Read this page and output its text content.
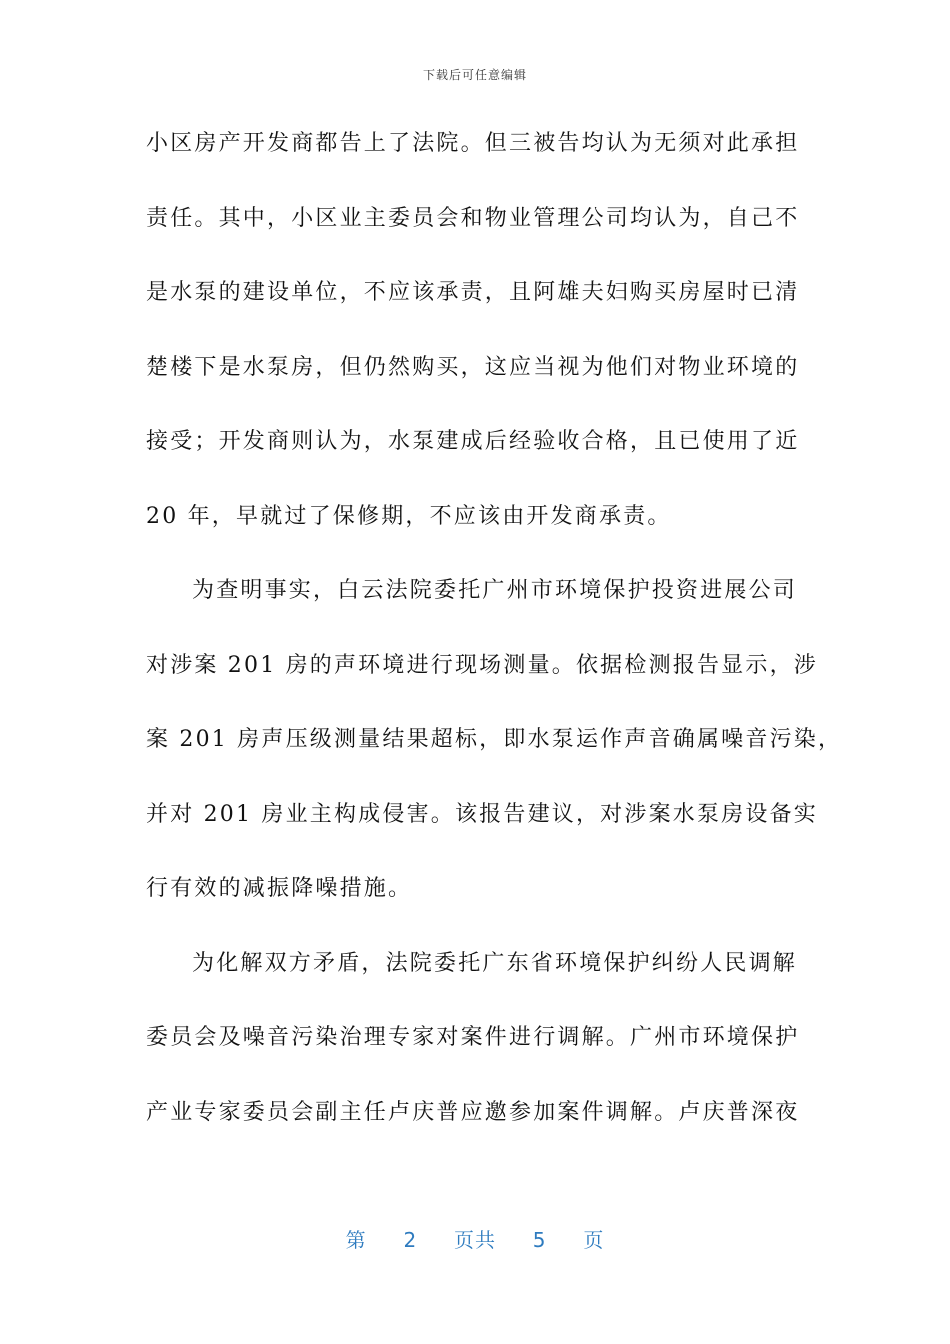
下载后可任意编辑
小区房产开发商都告上了法院。但三被告均认为无须对此承担
责任。其中，小区业主委员会和物业管理公司均认为，自己不
是水泵的建设单位，不应该承责，且阿雄夫妇购买房屋时已清
楚楼下是水泵房，但仍然购买，这应当视为他们对物业环境的
接受；开发商则认为，水泵建成后经验收合格，且已使用了近
20 年，早就过了保修期，不应该由开发商承责。
为查明事实，白云法院委托广州市环境保护投资进展公司
对涉案 201 房的声环境进行现场测量。依据检测报告显示，涉
案 201 房声压级测量结果超标，即水泵运作声音确属噪音污染，
并对 201 房业主构成侵害。该报告建议，对涉案水泵房设备实
行有效的减振降噪措施。
为化解双方矛盾，法院委托广东省环境保护纠纷人民调解
委员会及噪音污染治理专家对案件进行调解。广州市环境保护
产业专家委员会副主任卢庆普应邀参加案件调解。卢庆普深夜
第 2 页共 5 页
